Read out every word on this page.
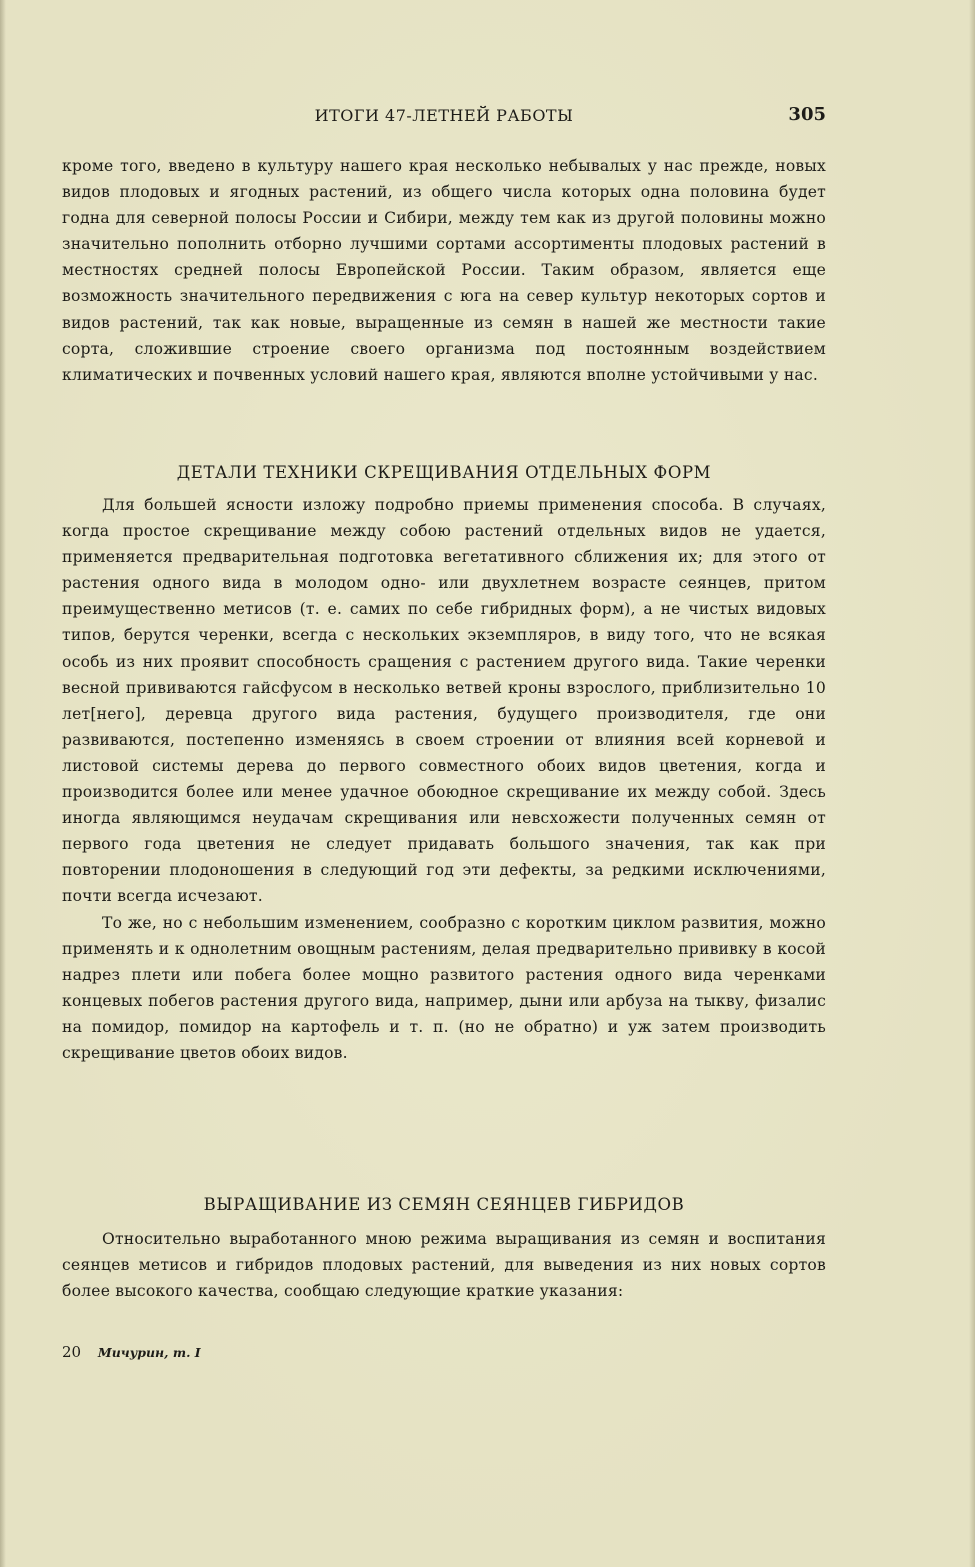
ИТОГИ 47-ЛЕТНЕЙ РАБОТЫ	305

кроме того, введено в культуру нашего края несколько небывалых у нас прежде, новых видов плодовых и ягодных растений, из общего числа которых одна половина будет годна для северной полосы России и Сибири, между тем как из другой половины можно значительно пополнить отборно лучшими сортами ассортименты плодовых растений в местностях средней полосы Европейской России. Таким образом, является еще возможность значительного передвижения с юга на север культур некоторых сортов и видов растений, так как новые, выращенные из семян в нашей же местности такие сорта, сложившие строение своего организма под постоянным воздействием климатических и почвенных условий нашего края, являются вполне устойчивыми у нас.

ДЕТАЛИ ТЕХНИКИ СКРЕЩИВАНИЯ ОТДЕЛЬНЫХ ФОРМ

Для большей ясности изложу подробно приемы применения способа. В случаях, когда простое скрещивание между собою растений отдельных видов не удается, применяется предварительная подготовка вегетативного сближения их; для этого от растения одного вида в молодом одно- или двухлетнем возрасте сеянцев, притом преимущественно метисов (т. е. самих по себе гибридных форм), а не чистых видовых типов, берутся черенки, всегда с нескольких экземпляров, в виду того, что не всякая особь из них проявит способность сращения с растением другого вида. Такие черенки весной прививаются гайсфусом в несколько ветвей кроны взрослого, приблизительно 10 лет[него], деревца другого вида растения, будущего производителя, где они развиваются, постепенно изменяясь в своем строении от влияния всей корневой и листовой системы дерева до первого совместного обоих видов цветения, когда и производится более или менее удачное обоюдное скрещивание их между собой. Здесь иногда являющимся неудачам скрещивания или невсхожести полученных семян от первого года цветения не следует придавать большого значения, так как при повторении плодоношения в следующий год эти дефекты, за редкими исключениями, почти всегда исчезают.

То же, но с небольшим изменением, сообразно с коротким циклом развития, можно применять и к однолетним овощным растениям, делая предварительно прививку в косой надрез плети или побега более мощно развитого растения одного вида черенками концевых побегов растения другого вида, например, дыни или арбуза на тыкву, физалис на помидор, помидор на картофель и т. п. (но не обратно) и уж затем производить скрещивание цветов обоих видов.

ВЫРАЩИВАНИЕ ИЗ СЕМЯН СЕЯНЦЕВ ГИБРИДОВ

Относительно выработанного мною режима выращивания из семян и воспитания сеянцев метисов и гибридов плодовых растений, для выведения из них новых сортов более высокого качества, сообщаю следующие краткие указания:

20 Мичурин, т. I
